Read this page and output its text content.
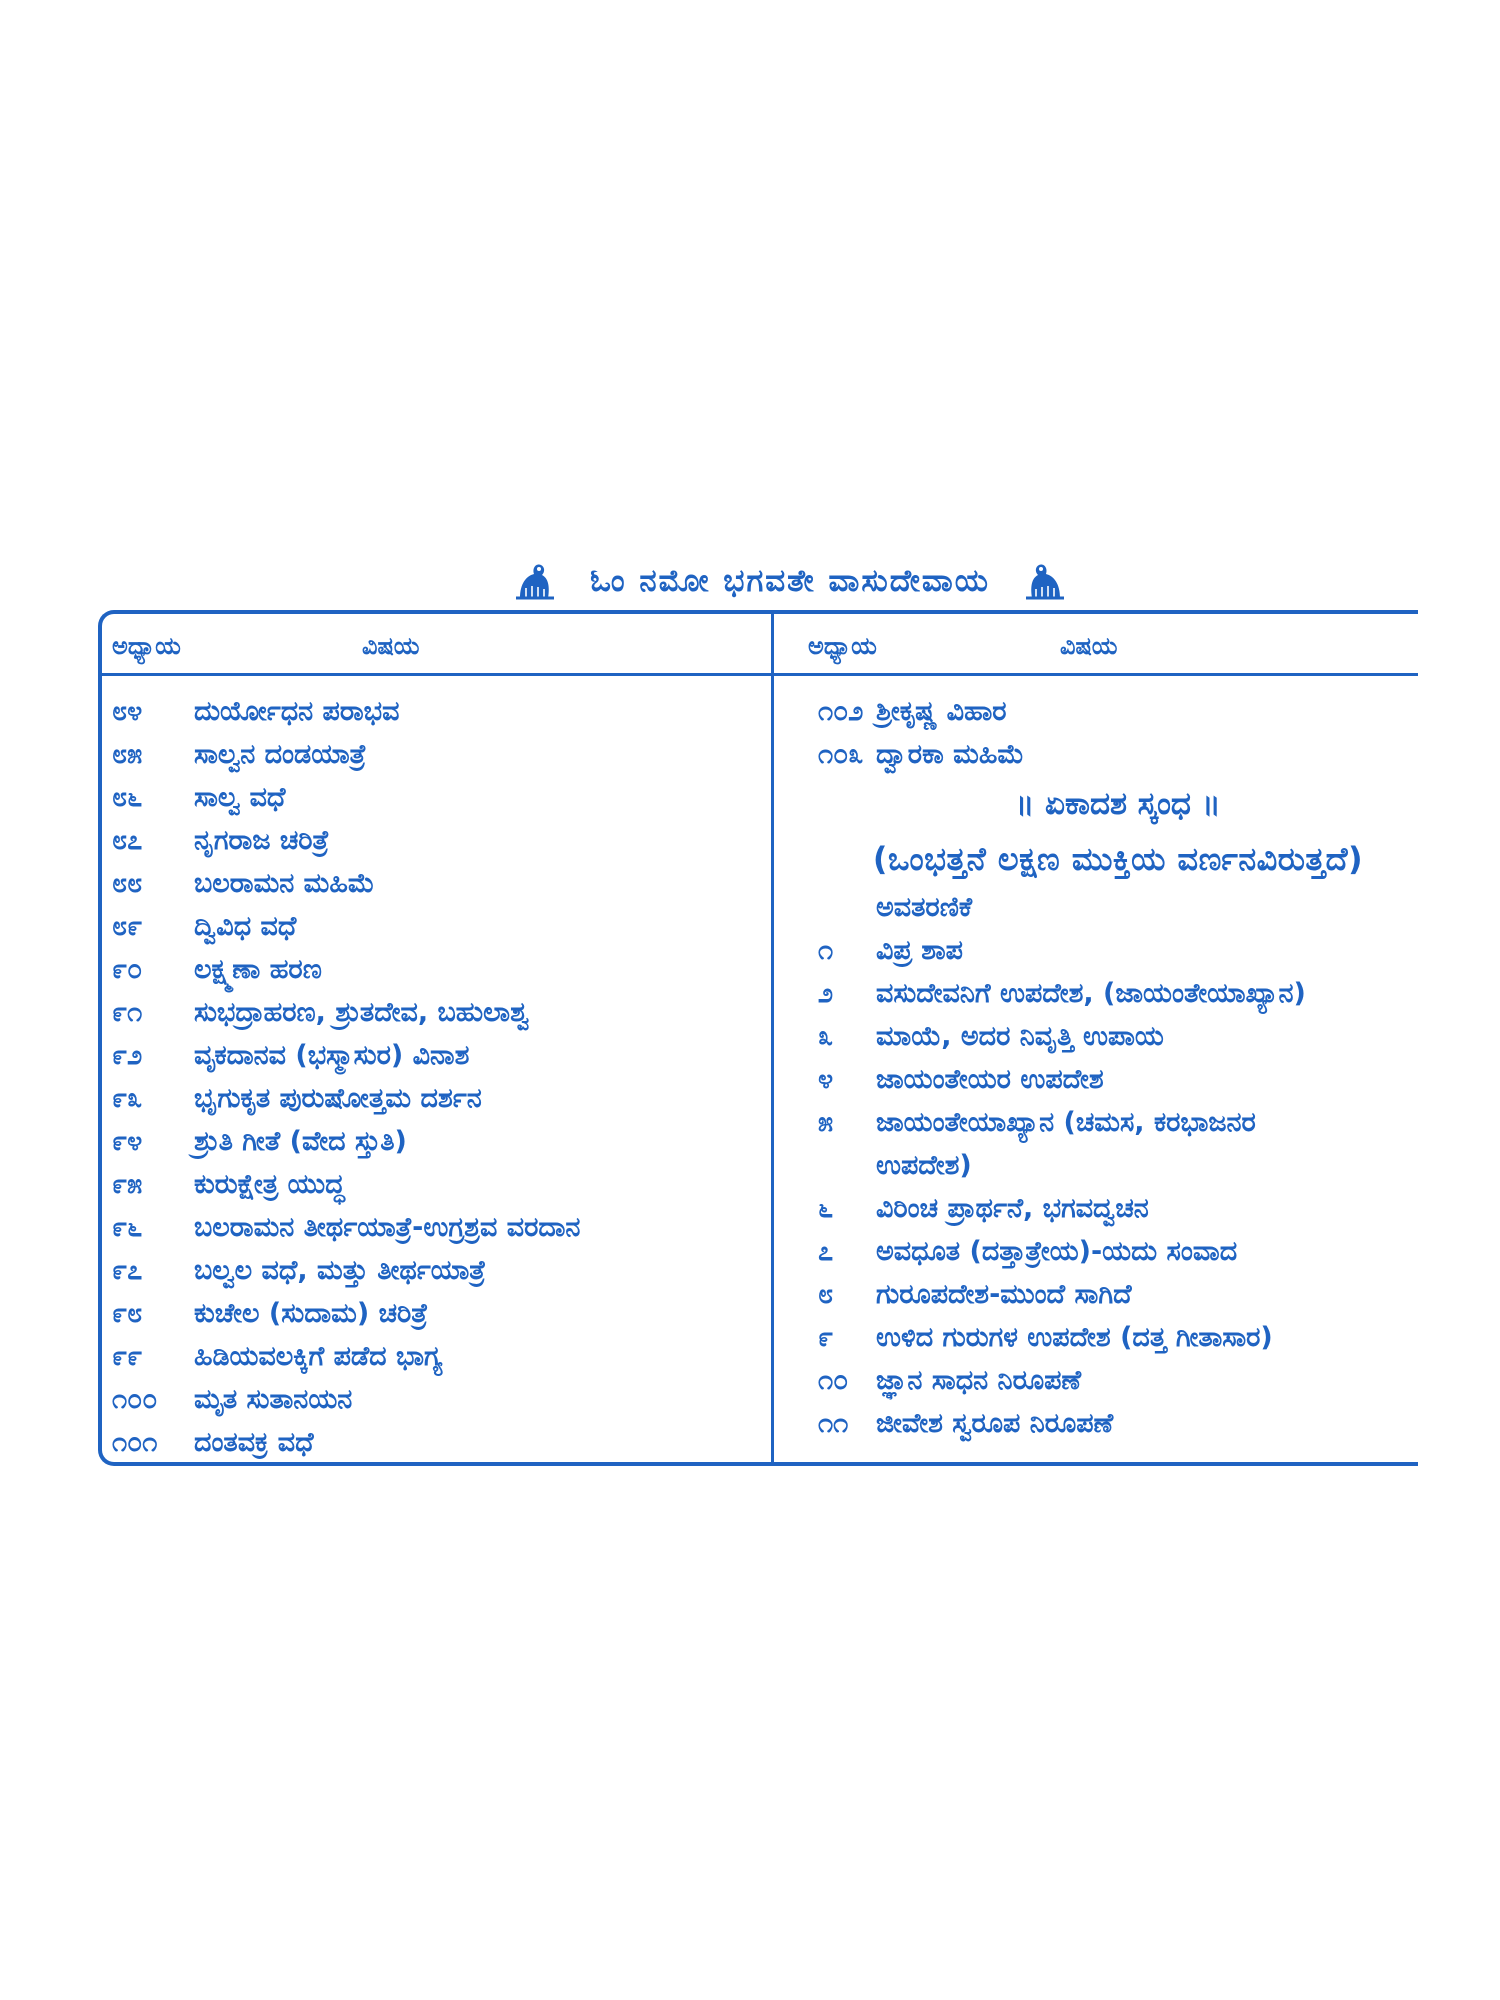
ಓಂ ನಮೋ ಭಗವತೇ ವಾಸುದೇವಾಯ
ಅಧ್ಯಾಯ	ವಿಷಯ	ಅಧ್ಯಾಯ	ವಿಷಯ
೮೪	ದುರ್ಯೋಧನ ಪರಾಭವ
೮೫	ಸಾಲ್ವನ ದಂಡಯಾತ್ರೆ
೮೬	ಸಾಲ್ವ ವಧೆ
೮೭	ನೃಗರಾಜ ಚರಿತ್ರೆ
೮೮	ಬಲರಾಮನ ಮಹಿಮೆ
೮೯	ದ್ವಿವಿಧ ವಧೆ
೯೦	ಲಕ್ಷ್ಮಣಾ ಹರಣ
೯೧	ಸುಭದ್ರಾಹರಣ, ಶ್ರುತದೇವ, ಬಹುಲಾಶ್ವ
೯೨	ವೃಕದಾನವ (ಭಸ್ಮಾಸುರ) ವಿನಾಶ
೯೩	ಭೃಗುಕೃತ ಪುರುಷೋತ್ತಮ ದರ್ಶನ
೯೪	ಶ್ರುತಿ ಗೀತೆ (ವೇದ ಸ್ತುತಿ)
೯೫	ಕುರುಕ್ಷೇತ್ರ ಯುದ್ಧ
೯೬	ಬಲರಾಮನ ತೀರ್ಥಯಾತ್ರೆ-ಉಗ್ರಶ್ರವ ವರದಾನ
೯೭	ಬಲ್ವಲ ವಧೆ, ಮತ್ತು ತೀರ್ಥಯಾತ್ರೆ
೯೮	ಕುಚೇಲ (ಸುದಾಮ) ಚರಿತ್ರೆ
೯೯	ಹಿಡಿಯವಲಕ್ಕಿಗೆ ಪಡೆದ ಭಾಗ್ಯ
೧೦೦	ಮೃತ ಸುತಾನಯನ
೧೦೧	ದಂತವಕ್ರ ವಧೆ
೧೦೨ ಶ್ರೀಕೃಷ್ಣ ವಿಹಾರ
೧೦೩ ದ್ವಾರಕಾ ಮಹಿಮೆ
॥ ಏಕಾದಶ ಸ್ಕಂಧ ॥
(ಒಂಭತ್ತನೆ ಲಕ್ಷಣ ಮುಕ್ತಿಯ ವರ್ಣನವಿರುತ್ತದೆ)
ಅವತರಣಿಕೆ
೧	ವಿಪ್ರ ಶಾಪ
೨	ವಸುದೇವನಿಗೆ ಉಪದೇಶ, (ಜಾಯಂತೇಯಾಖ್ಯಾನ)
೩	ಮಾಯೆ, ಅದರ ನಿವೃತ್ತಿ ಉಪಾಯ
೪	ಜಾಯಂತೇಯರ ಉಪದೇಶ
೫	ಜಾಯಂತೇಯಾಖ್ಯಾನ (ಚಮಸ, ಕರಭಾಜನರ
ಉಪದೇಶ)
೬	ವಿರಿಂಚ ಪ್ರಾರ್ಥನೆ, ಭಗವದ್ವಚನ
೭	ಅವಧೂತ (ದತ್ತಾತ್ರೇಯ)-ಯದು ಸಂವಾದ
೮	ಗುರೂಪದೇಶ-ಮುಂದೆ ಸಾಗಿದೆ
೯	ಉಳಿದ ಗುರುಗಳ ಉಪದೇಶ (ದತ್ತ ಗೀತಾಸಾರ)
೧೦	ಜ್ಞಾನ ಸಾಧನ ನಿರೂಪಣೆ
೧೧	ಜೀವೇಶ ಸ್ವರೂಪ ನಿರೂಪಣೆ
